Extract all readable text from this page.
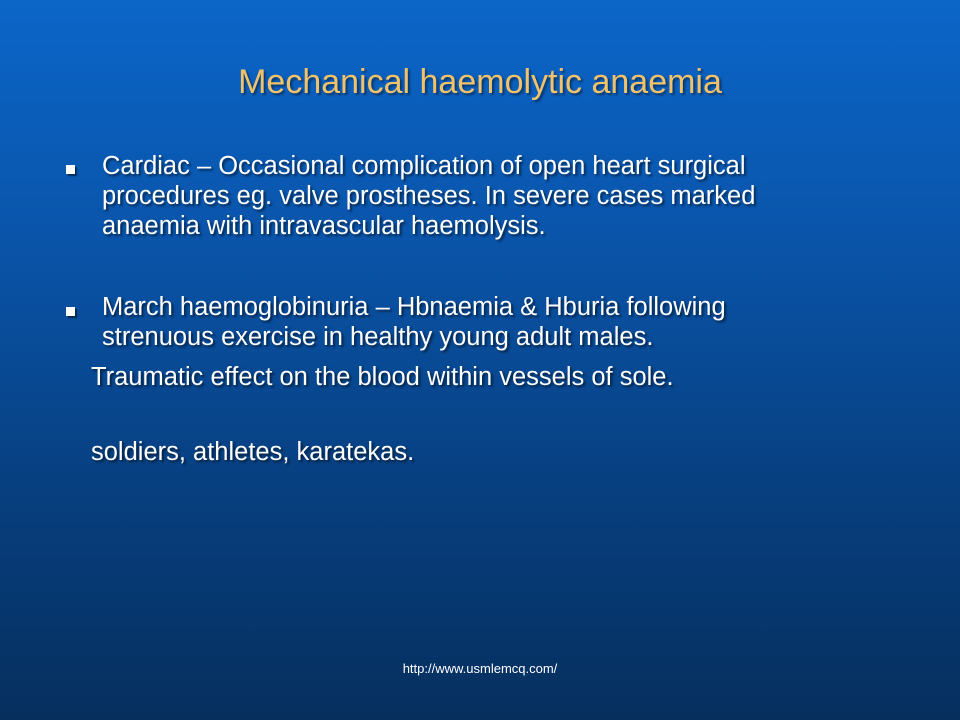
Mechanical haemolytic anaemia
Cardiac – Occasional complication of open heart surgical
procedures eg. valve prostheses. In severe cases marked
anaemia with intravascular haemolysis.
March haemoglobinuria – Hbnaemia & Hburia following
strenuous exercise in healthy young adult males.
Traumatic effect on the blood within vessels of sole.
soldiers, athletes, karatekas.
http://www.usmlemcq.com/
